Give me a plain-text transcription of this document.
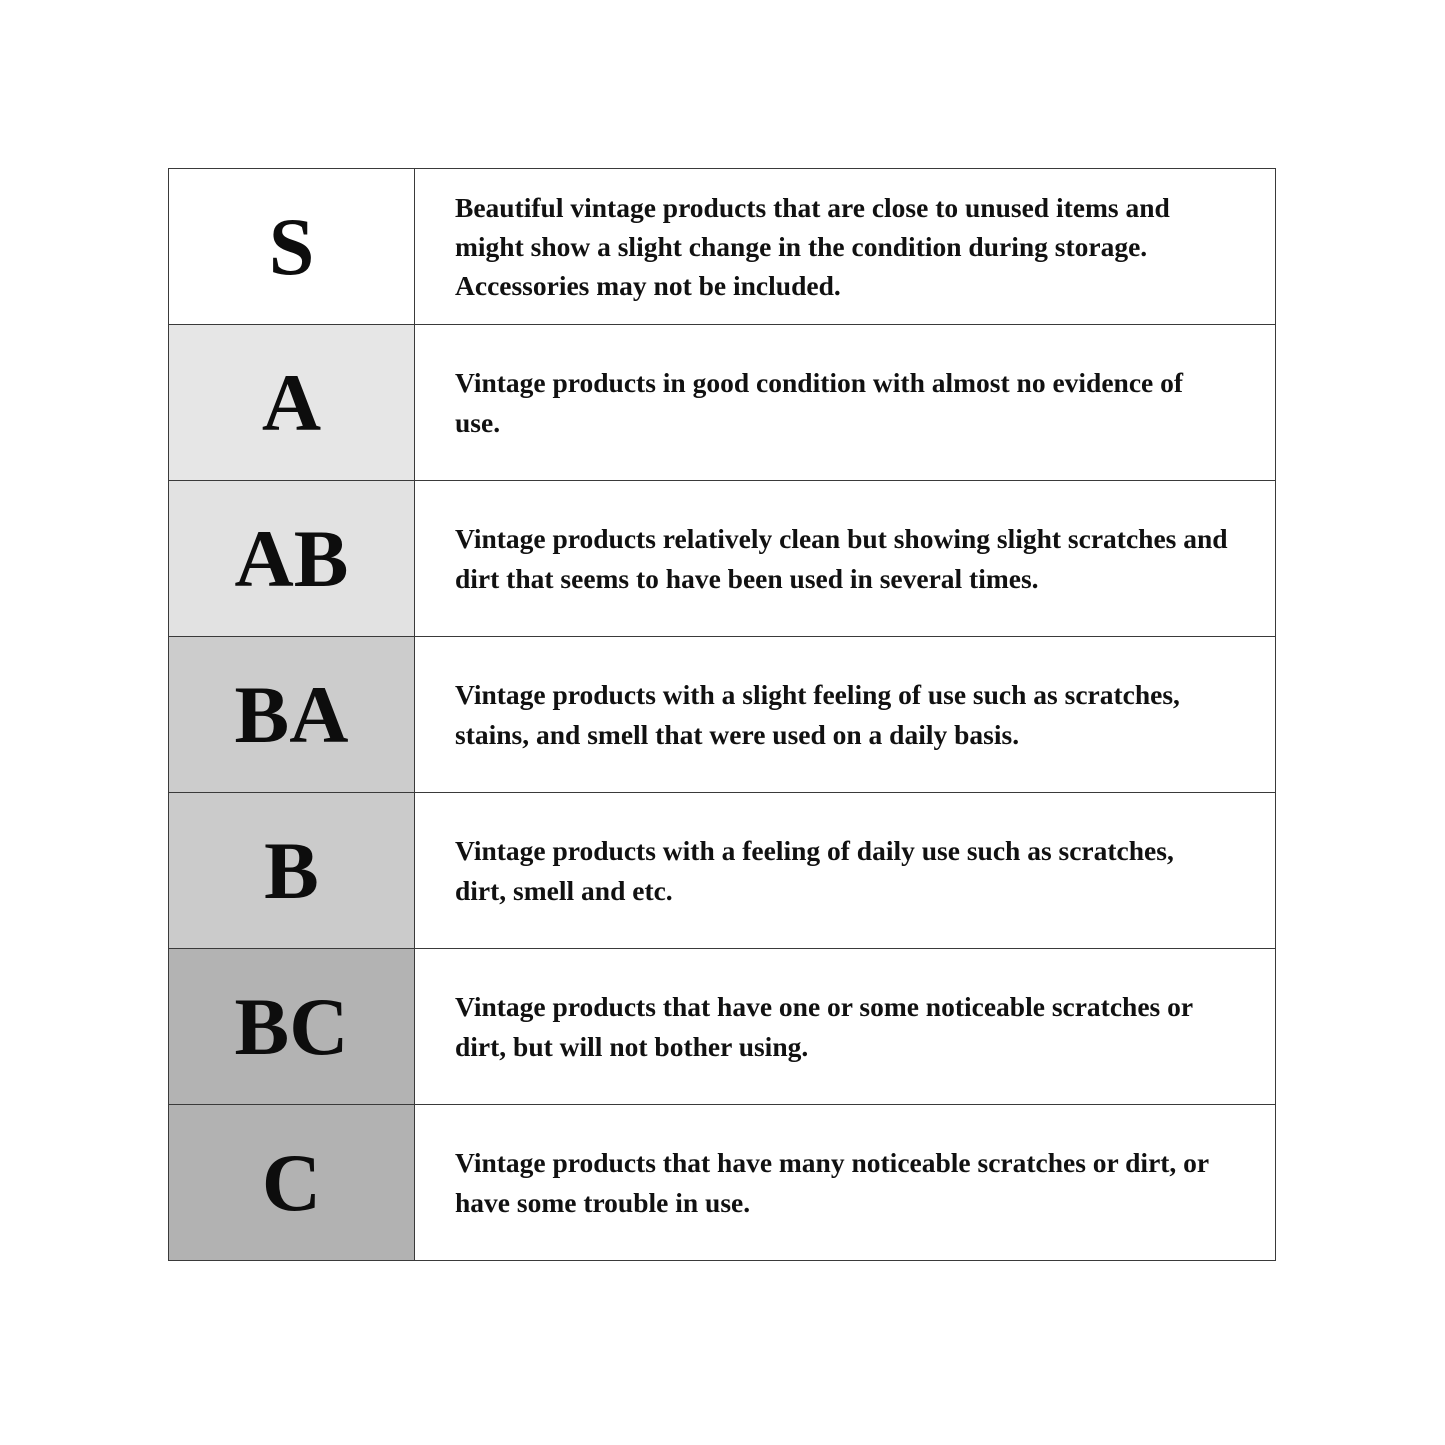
S	Beautiful vintage products that are close to unused items and might show a slight change in the condition during storage. Accessories may not be included.

A	Vintage products in good condition with almost no evidence of use.

AB	Vintage products relatively clean but showing slight scratches and dirt that seems to have been used in several times.

BA	Vintage products with a slight feeling of use such as scratches, stains, and smell that were used on a daily basis.

B	Vintage products with a feeling of daily use such as scratches, dirt, smell and etc.

BC	Vintage products that have one or some noticeable scratches or dirt, but will not bother using.

C	Vintage products that have many noticeable scratches or dirt, or have some trouble in use.
